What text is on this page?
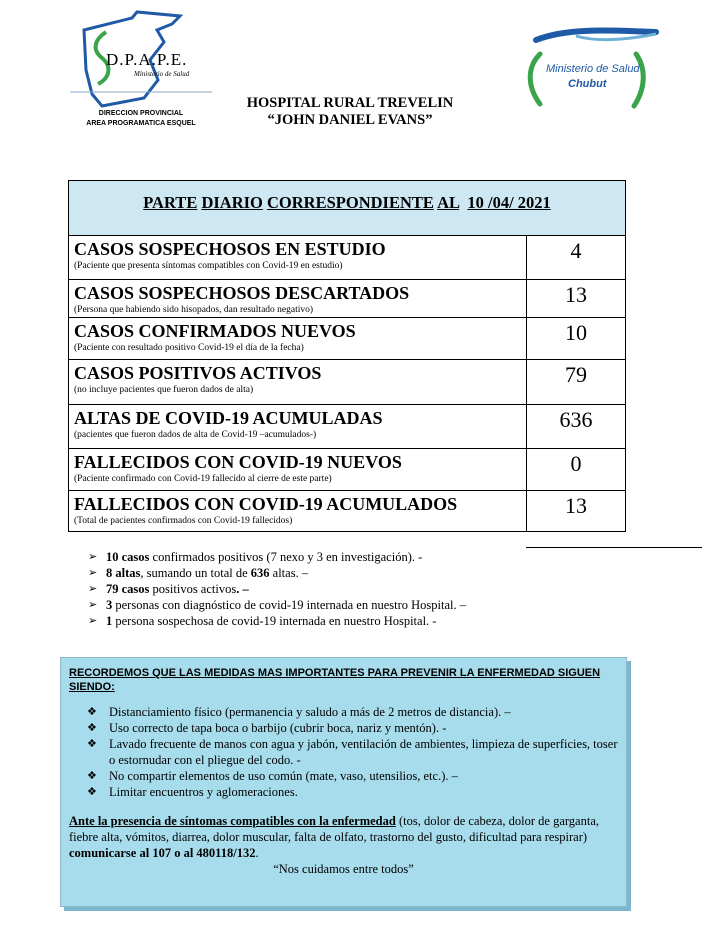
D.P.A.P.E.
Ministerio de Salud
DIRECCION PROVINCIAL
AREA PROGRAMATICA ESQUEL
Ministerio de Salud
Chubut
HOSPITAL RURAL TREVELIN
“JOHN DANIEL EVANS”
PARTE DIARIO CORRESPONDIENTE AL 10 /04/ 2021
CASOS SOSPECHOSOS EN ESTUDIO
(Paciente que presenta síntomas compatibles con Covid-19 en estudio)
4
CASOS SOSPECHOSOS DESCARTADOS
(Persona que habiendo sido hisopados, dan resultado negativo)
13
CASOS CONFIRMADOS NUEVOS
(Paciente con resultado positivo Covid-19 el día de la fecha)
10
CASOS POSITIVOS ACTIVOS
(no incluye pacientes que fueron dados de alta)
79
ALTAS DE COVID-19 ACUMULADAS
(pacientes que fueron dados de alta de Covid-19 –acumulados-)
636
FALLECIDOS CON COVID-19 NUEVOS
(Paciente confirmado con Covid-19 fallecido al cierre de este parte)
0
FALLECIDOS CON COVID-19 ACUMULADOS
(Total de pacientes confirmados con Covid-19 fallecidos)
13
➢ 10 casos confirmados positivos (7 nexo y 3 en investigación). -
➢ 8 altas, sumando un total de 636 altas. –
➢ 79 casos positivos activos. –
➢ 3 personas con diagnóstico de covid-19 internada en nuestro Hospital. –
➢ 1 persona sospechosa de covid-19 internada en nuestro Hospital. -
RECORDEMOS QUE LAS MEDIDAS MAS IMPORTANTES PARA PREVENIR LA ENFERMEDAD SIGUEN SIENDO:
❖ Distanciamiento físico (permanencia y saludo a más de 2 metros de distancia). –
❖ Uso correcto de tapa boca o barbijo (cubrir boca, nariz y mentón). -
❖ Lavado frecuente de manos con agua y jabón, ventilación de ambientes, limpieza de superficies, toser o estornudar con el pliegue del codo. -
❖ No compartir elementos de uso común (mate, vaso, utensilios, etc.). –
❖ Limitar encuentros y aglomeraciones.
Ante la presencia de síntomas compatibles con la enfermedad (tos, dolor de cabeza, dolor de garganta, fiebre alta, vómitos, diarrea, dolor muscular, falta de olfato, trastorno del gusto, dificultad para respirar) comunicarse al 107 o al 480118/132.
“Nos cuidamos entre todos”
